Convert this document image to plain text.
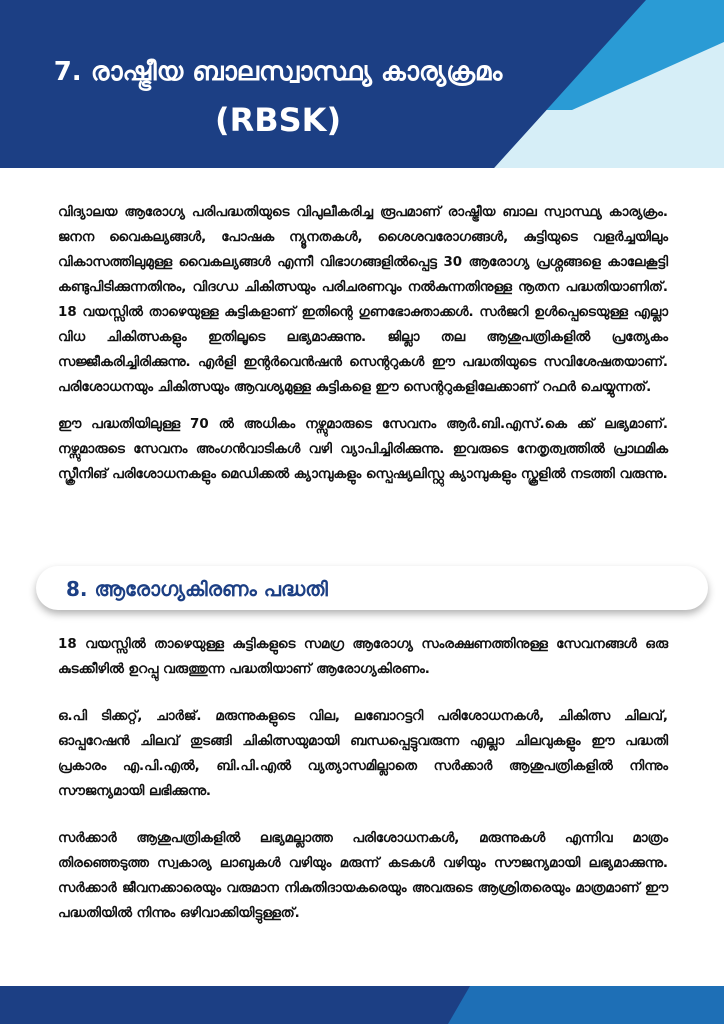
7. രാഷ്ട്രീയ ബാലസ്വാസ്ഥ്യ കാര്യക്രമം
(RBSK)

വിദ്യാലയ ആരോഗ്യ പരിപദ്ധതിയുടെ വിപുലീകരിച്ച രൂപമാണ് രാഷ്ട്രീയ ബാല സ്വാസ്ഥ്യ കാര്യക്രം. ജനന വൈകല്യങ്ങൾ, പോഷക ന്യൂനതകൾ, ശൈശവരോഗങ്ങൾ, കുട്ടിയുടെ വളർച്ചയിലും വികാസത്തിലുമുള്ള വൈകല്യങ്ങൾ എന്നീ വിഭാഗങ്ങളിൽപ്പെട്ട 30 ആരോഗ്യ പ്രശ്നങ്ങളെ കാലേകൂട്ടി കണ്ടുപിടിക്കുന്നതിനും, വിദഗ്ധ ചികിത്സയും പരിചരണവും നൽകുന്നതിനുള്ള നൂതന പദ്ധതിയാണിത്. 18 വയസ്സിൽ താഴെയുള്ള കുട്ടികളാണ് ഇതിന്റെ ഗുണഭോക്താക്കൾ. സർജറി ഉൾപ്പെടെയുള്ള എല്ലാ വിധ ചികിത്സകളും ഇതിലൂടെ ലഭ്യമാക്കുന്നു. ജില്ലാ തല ആശുപത്രികളിൽ പ്രത്യേകം സജ്ജീകരിച്ചിരിക്കുന്നു. എർളി ഇന്റർവെൻഷൻ സെന്ററുകൾ ഈ പദ്ധതിയുടെ സവിശേഷതയാണ്. പരിശോധനയും ചികിത്സയും ആവശ്യമുള്ള കുട്ടികളെ ഈ സെന്ററുകളിലേക്കാണ് റഫർ ചെയ്യുന്നത്.

ഈ പദ്ധതിയിലുള്ള 70 ൽ അധികം നഴ്സുമാരുടെ സേവനം ആർ.ബി.എസ്.കെ ക്ക് ലഭ്യമാണ്. നഴ്സുമാരുടെ സേവനം അംഗൻവാടികൾ വഴി വ്യാപിച്ചിരിക്കുന്നു. ഇവരുടെ നേതൃത്വത്തിൽ പ്രാഥമിക സ്ക്രീനിങ് പരിശോധനകളും മെഡിക്കൽ ക്യാമ്പുകളും സ്പെഷ്യലിസ്റ്റു ക്യാമ്പുകളും സ്കൂളിൽ നടത്തി വരുന്നു.

8. ആരോഗ്യകിരണം പദ്ധതി

18 വയസ്സിൽ താഴെയുള്ള കുട്ടികളുടെ സമഗ്ര ആരോഗ്യ സംരക്ഷണത്തിനുള്ള സേവനങ്ങൾ ഒരു കുടക്കീഴിൽ ഉറപ്പു വരുത്തുന്ന പദ്ധതിയാണ് ആരോഗ്യകിരണം.

ഒ.പി ടിക്കറ്റ്, ചാർജ്. മരുന്നുകളുടെ വില, ലബോറട്ടറി പരിശോധനകൾ, ചികിത്സ ചിലവ്, ഓപ്പറേഷൻ ചിലവ് തുടങ്ങി ചികിത്സയുമായി ബന്ധപ്പെട്ടുവരുന്ന എല്ലാ ചിലവുകളും ഈ പദ്ധതി പ്രകാരം എ.പി.എൽ, ബി.പി.എൽ വ്യത്യാസമില്ലാതെ സർക്കാർ ആശുപത്രികളിൽ നിന്നും സൗജന്യമായി ലഭിക്കുന്നു.

സർക്കാർ ആശുപത്രികളിൽ ലഭ്യമല്ലാത്ത പരിശോധനകൾ, മരുന്നുകൾ എന്നിവ മാത്രം തിരഞ്ഞെടുത്ത സ്വകാര്യ ലാബുകൾ വഴിയും മരുന്ന് കടകൾ വഴിയും സൗജന്യമായി ലഭ്യമാക്കുന്നു. സർക്കാർ ജീവനക്കാരെയും വരുമാന നികുതിദായകരെയും അവരുടെ ആശ്രിതരെയും മാത്രമാണ് ഈ പദ്ധതിയിൽ നിന്നും ഒഴിവാക്കിയിട്ടുള്ളത്.
